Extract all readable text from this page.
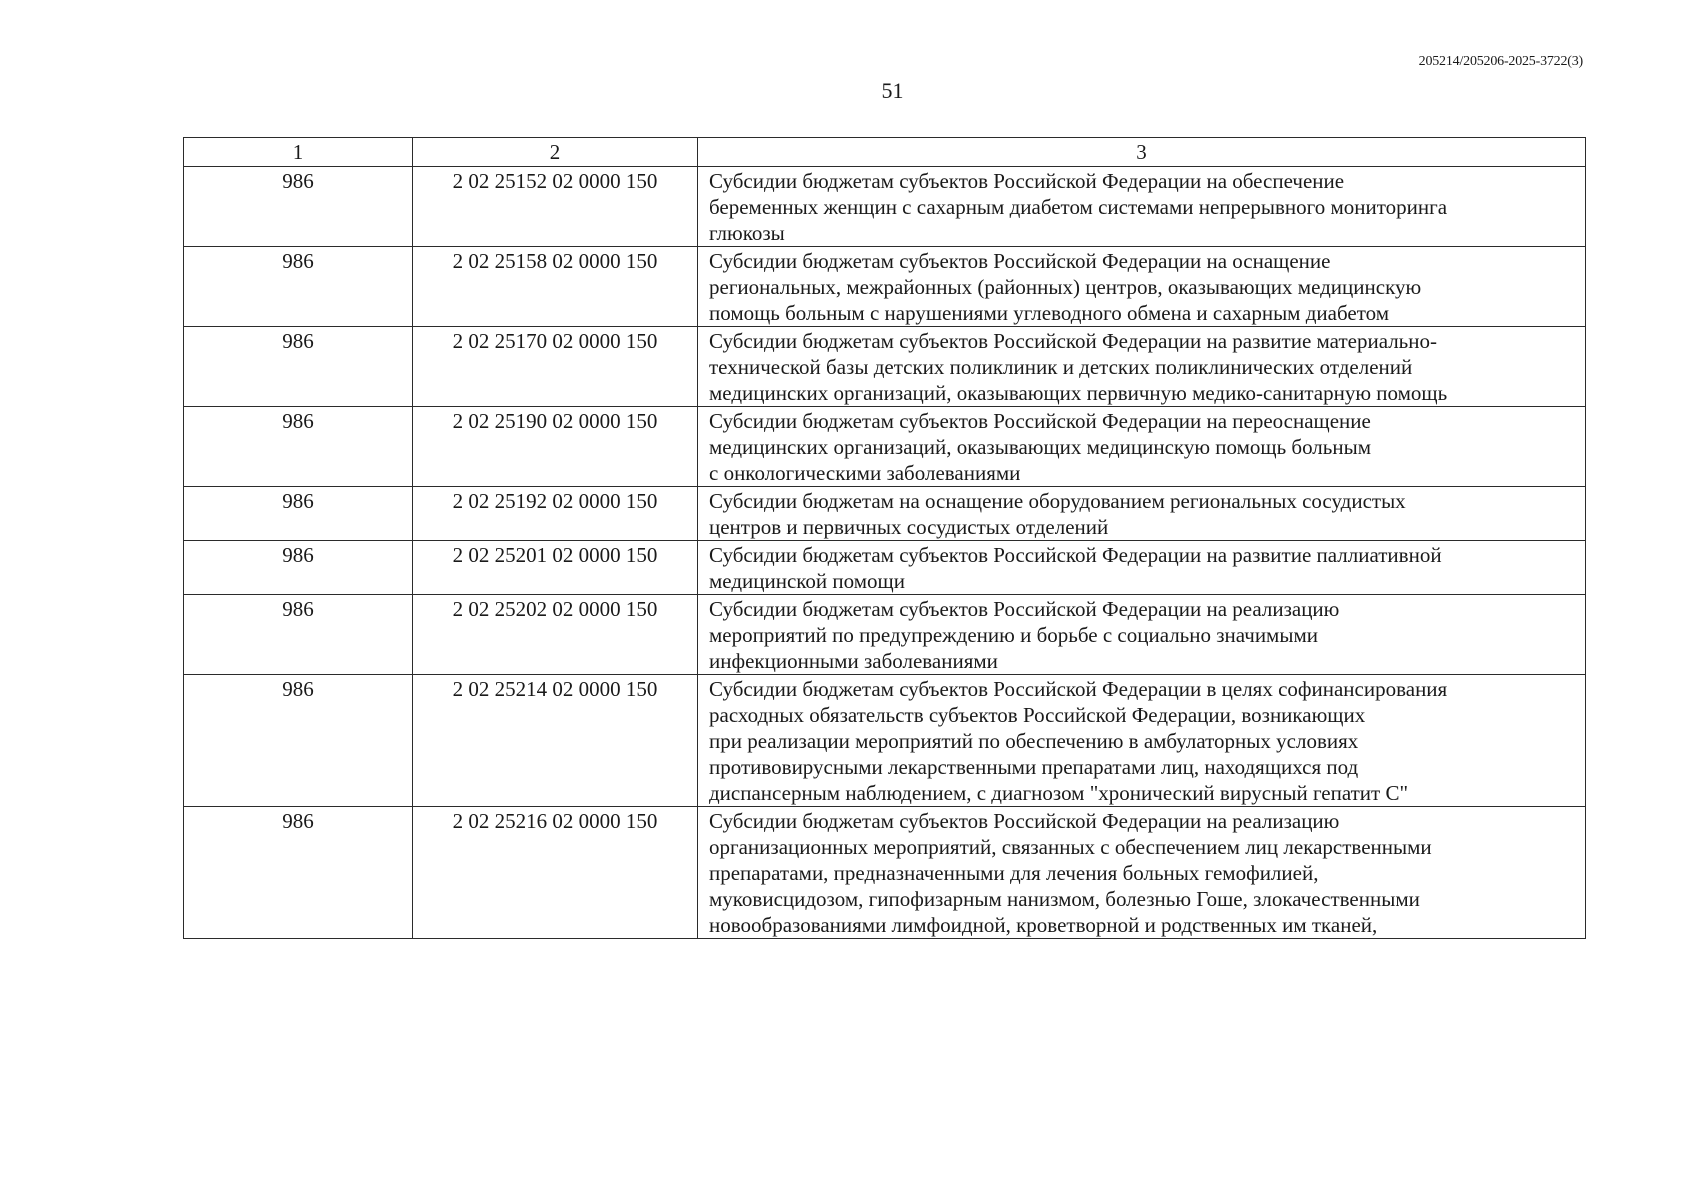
205214/205206-2025-3722(3)
51
1	2	3
986	2 02 25152 02 0000 150	Субсидии бюджетам субъектов Российской Федерации на обеспечение
беременных женщин с сахарным диабетом системами непрерывного мониторинга
глюкозы

986	2 02 25158 02 0000 150	Субсидии бюджетам субъектов Российской Федерации на оснащение
региональных, межрайонных (районных) центров, оказывающих медицинскую
помощь больным с нарушениями углеводного обмена и сахарным диабетом

986	2 02 25170 02 0000 150	Субсидии бюджетам субъектов Российской Федерации на развитие материально-
технической базы детских поликлиник и детских поликлинических отделений
медицинских организаций, оказывающих первичную медико-санитарную помощь

986	2 02 25190 02 0000 150	Субсидии бюджетам субъектов Российской Федерации на переоснащение
медицинских организаций, оказывающих медицинскую помощь больным
с онкологическими заболеваниями

986	2 02 25192 02 0000 150	Субсидии бюджетам на оснащение оборудованием региональных сосудистых
центров и первичных сосудистых отделений

986	2 02 25201 02 0000 150	Субсидии бюджетам субъектов Российской Федерации на развитие паллиативной
медицинской помощи

986	2 02 25202 02 0000 150	Субсидии бюджетам субъектов Российской Федерации на реализацию
мероприятий по предупреждению и борьбе с социально значимыми
инфекционными заболеваниями

986	2 02 25214 02 0000 150	Субсидии бюджетам субъектов Российской Федерации в целях софинансирования
расходных обязательств субъектов Российской Федерации, возникающих
при реализации мероприятий по обеспечению в амбулаторных условиях
противовирусными лекарственными препаратами лиц, находящихся под
диспансерным наблюдением, с диагнозом "хронический вирусный гепатит С"

986	2 02 25216 02 0000 150	Субсидии бюджетам субъектов Российской Федерации на реализацию
организационных мероприятий, связанных с обеспечением лиц лекарственными
препаратами, предназначенными для лечения больных гемофилией,
муковисцидозом, гипофизарным нанизмом, болезнью Гоше, злокачественными
новообразованиями лимфоидной, кроветворной и родственных им тканей,
